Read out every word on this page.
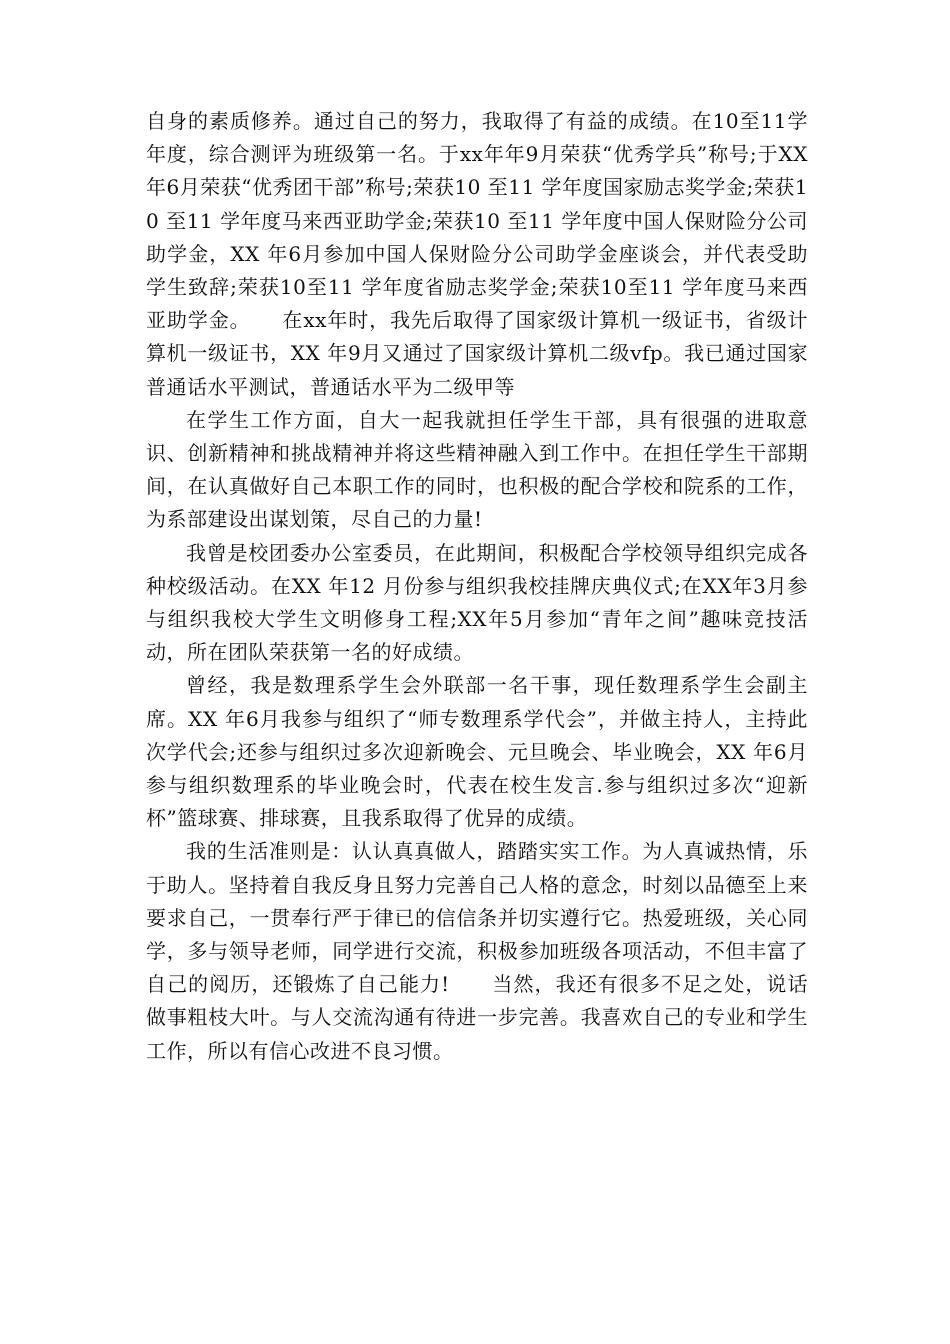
自身的素质修养。通过自己的努力，我取得了有益的成绩。在10至11学年度，综合测评为班级第一名。于xx年年9月荣获“优秀学兵”称号;于XX 年6月荣获“优秀团干部”称号;荣获10 至11 学年度国家励志奖学金;荣获10 至11 学年度马来西亚助学金;荣获10 至11 学年度中国人保财险分公司助学金，XX 年6月参加中国人保财险分公司助学金座谈会，并代表受助学生致辞;荣获10至11 学年度省励志奖学金;荣获10至11 学年度马来西亚助学金。　　在xx年时，我先后取得了国家级计算机一级证书，省级计算机一级证书，XX 年9月又通过了国家级计算机二级vfp。我已通过国家普通话水平测试，普通话水平为二级甲等

在学生工作方面，自大一起我就担任学生干部，具有很强的进取意识、创新精神和挑战精神并将这些精神融入到工作中。在担任学生干部期间，在认真做好自己本职工作的同时，也积极的配合学校和院系的工作，为系部建设出谋划策，尽自己的力量!

我曾是校团委办公室委员，在此期间，积极配合学校领导组织完成各种校级活动。在XX 年12 月份参与组织我校挂牌庆典仪式;在XX年3月参与组织我校大学生文明修身工程;XX年5月参加“青年之间”趣味竞技活动，所在团队荣获第一名的好成绩。

曾经，我是数理系学生会外联部一名干事，现任数理系学生会副主席。XX 年6月我参与组织了“师专数理系学代会”，并做主持人，主持此次学代会;还参与组织过多次迎新晚会、元旦晚会、毕业晚会，XX 年6月参与组织数理系的毕业晚会时，代表在校生发言.参与组织过多次“迎新杯”篮球赛、排球赛，且我系取得了优异的成绩。

我的生活准则是：认认真真做人，踏踏实实工作。为人真诚热情，乐于助人。坚持着自我反身且努力完善自己人格的意念，时刻以品德至上来要求自己，一贯奉行严于律已的信信条并切实遵行它。热爱班级，关心同学，多与领导老师，同学进行交流，积极参加班级各项活动，不但丰富了自己的阅历，还锻炼了自己能力!　　当然，我还有很多不足之处，说话做事粗枝大叶。与人交流沟通有待进一步完善。我喜欢自己的专业和学生工作，所以有信心改进不良习惯。
